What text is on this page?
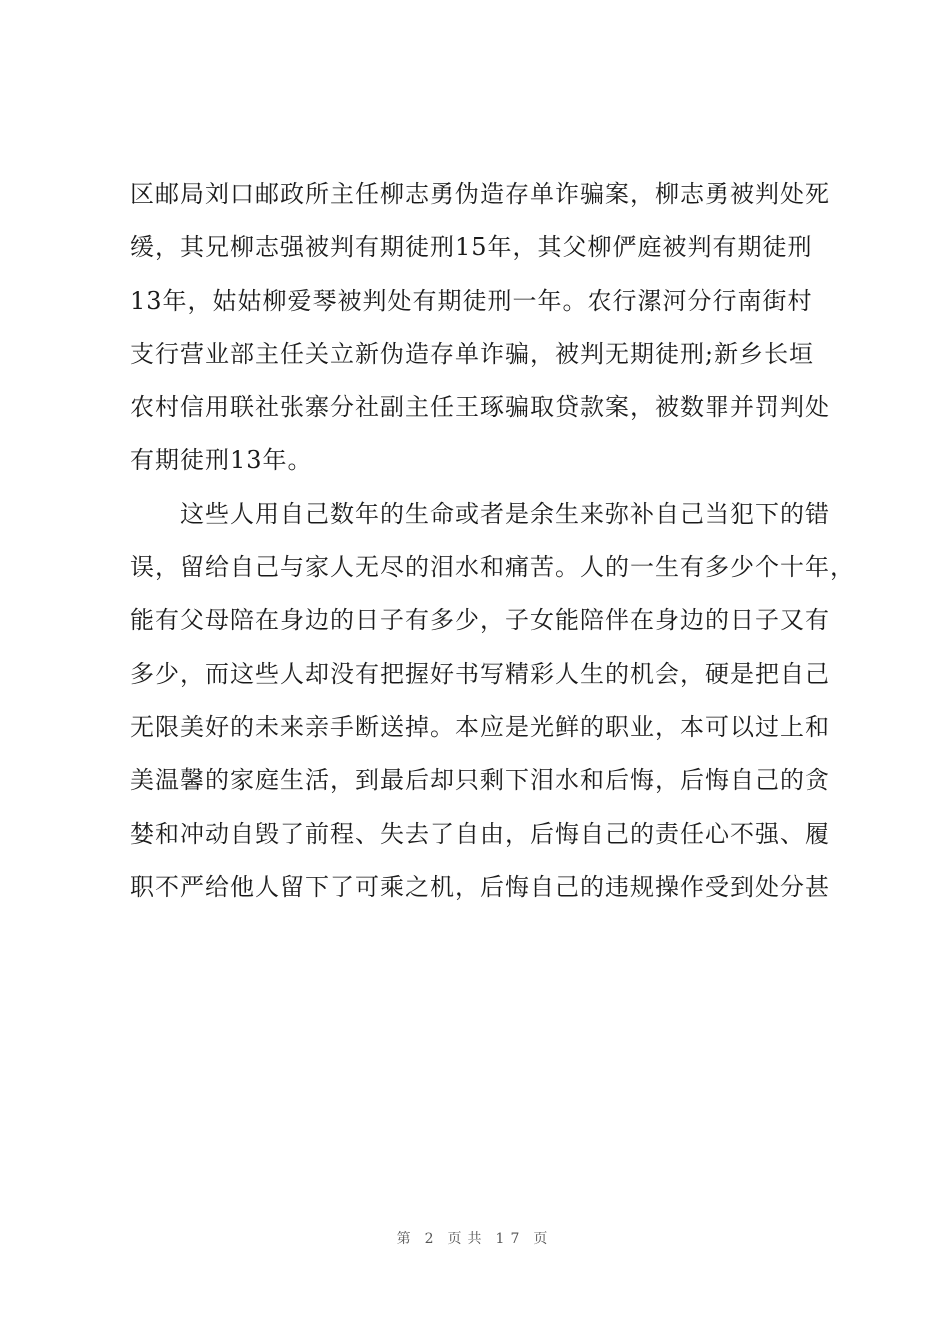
区邮局刘口邮政所主任柳志勇伪造存单诈骗案，柳志勇被判处死
缓，其兄柳志强被判有期徒刑15年，其父柳俨庭被判有期徒刑
13年，姑姑柳爱琴被判处有期徒刑一年。农行漯河分行南街村
支行营业部主任关立新伪造存单诈骗，被判无期徒刑;新乡长垣
农村信用联社张寨分社副主任王琢骗取贷款案，被数罪并罚判处
有期徒刑13年。
这些人用自己数年的生命或者是余生来弥补自己当犯下的错
误，留给自己与家人无尽的泪水和痛苦。人的一生有多少个十年，
能有父母陪在身边的日子有多少，子女能陪伴在身边的日子又有
多少，而这些人却没有把握好书写精彩人生的机会，硬是把自己
无限美好的未来亲手断送掉。本应是光鲜的职业，本可以过上和
美温馨的家庭生活，到最后却只剩下泪水和后悔，后悔自己的贪
婪和冲动自毁了前程、失去了自由，后悔自己的责任心不强、履
职不严给他人留下了可乘之机，后悔自己的违规操作受到处分甚
第 2 页共 17 页
